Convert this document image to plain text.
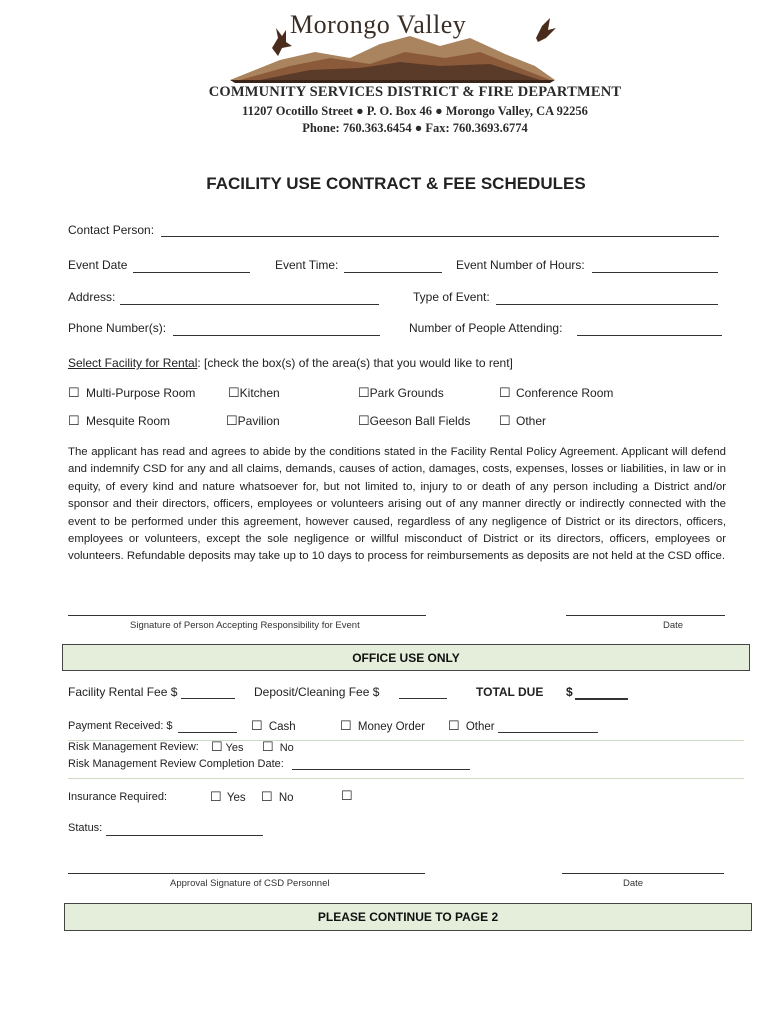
Morongo Valley
COMMUNITY SERVICES DISTRICT & FIRE DEPARTMENT
11207 Ocotillo Street ● P. O. Box 46 ● Morongo Valley, CA 92256
Phone: 760.363.6454 ● Fax: 760.3693.6774
FACILITY USE CONTRACT & FEE SCHEDULES
Contact Person:
Event Date	Event Time:	Event Number of Hours:
Address:	Type of Event:
Phone Number(s):	Number of People Attending:
Select Facility for Rental: [check the box(s) of the area(s) that you would like to rent]
☐ Multi-Purpose Room	☐Kitchen	☐Park Grounds	☐ Conference Room
☐ Mesquite Room	☐Pavilion	☐Geeson Ball Fields ☐ Other
The applicant has read and agrees to abide by the conditions stated in the Facility Rental Policy Agreement. Applicant will defend and indemnify CSD for any and all claims, demands, causes of action, damages, costs, expenses, losses or liabilities, in law or in equity, of every kind and nature whatsoever for, but not limited to, injury to or death of any person including a District and/or sponsor and their directors, officers, employees or volunteers arising out of any manner directly or indirectly connected with the event to be performed under this agreement, however caused, regardless of any negligence of District or its directors, officers, employees or volunteers, except the sole negligence or willful misconduct of District or its directors, officers, employees or volunteers. Refundable deposits may take up to 10 days to process for reimbursements as deposits are not held at the CSD office.
Signature of Person Accepting Responsibility for Event	Date
OFFICE USE ONLY
Facility Rental Fee $	Deposit/Cleaning Fee $	TOTAL DUE $
Payment Received: $	☐ Cash	☐ Money Order ☐ Other
Risk Management Review: ☐ Yes ☐ No
Risk Management Review Completion Date:
Insurance Required:	☐ Yes ☐ No	☐
Status:
Approval Signature of CSD Personnel	Date
PLEASE CONTINUE TO PAGE 2
